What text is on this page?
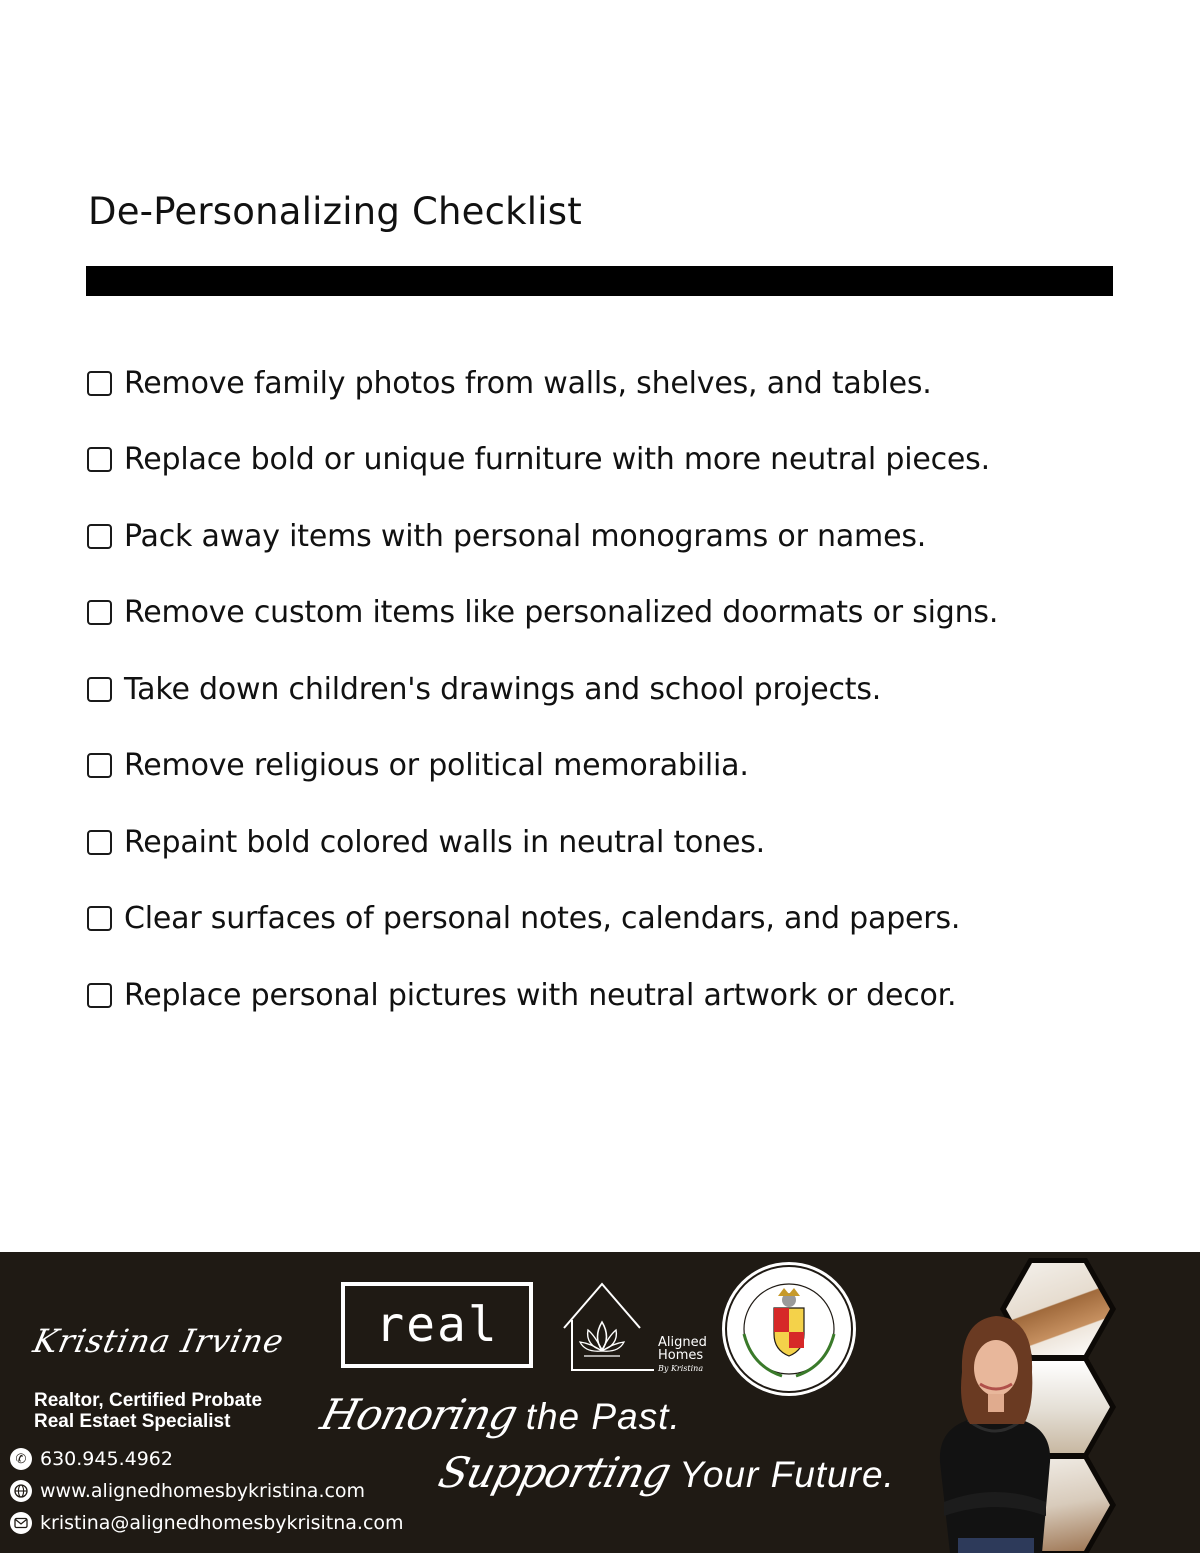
De-Personalizing Checklist
Remove family photos from walls, shelves, and tables.
Replace bold or unique furniture with more neutral pieces.
Pack away items with personal monograms or names.
Remove custom items like personalized doormats or signs.
Take down children's drawings and school projects.
Remove religious or political memorabilia.
Repaint bold colored walls in neutral tones.
Clear surfaces of personal notes, calendars, and papers.
Replace personal pictures with neutral artwork or decor.
Kristina Irvine
Realtor, Certified Probate
Real Estaet Specialist
✆ 630.945.4962
www.alignedhomesbykristina.com
kristina@alignedhomesbykrisitna.com
real	Aligned
Homes
By Kristina
Honoring the Past.
Supporting Your Future.
